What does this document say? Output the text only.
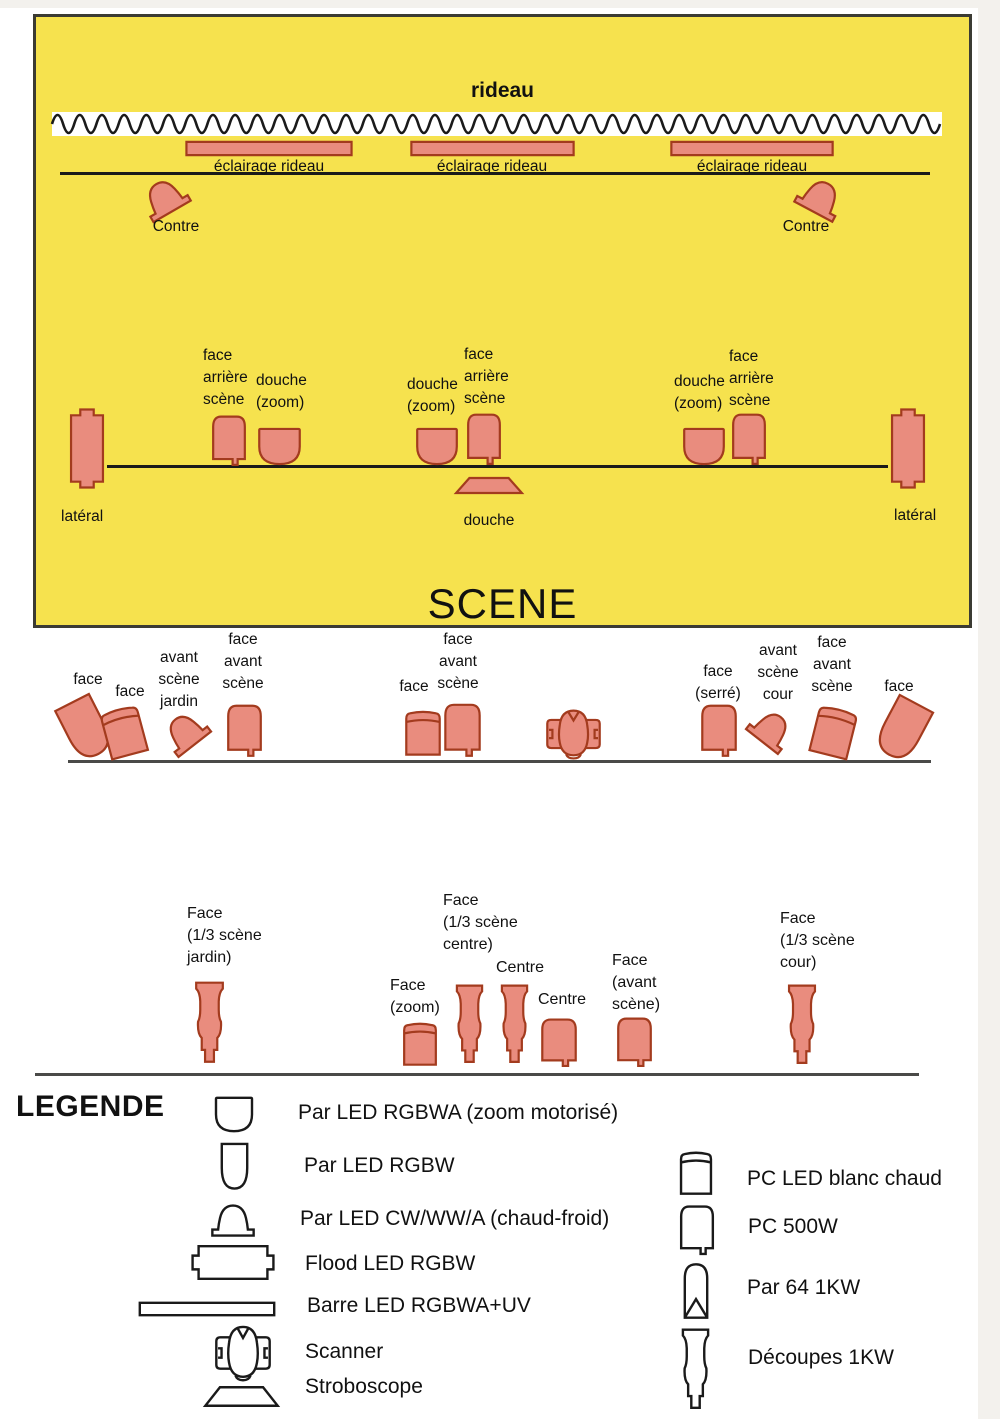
rideau
SCENE
LEGENDE
éclairage rideau	éclairage rideau	éclairage rideau
Contre	Contre
face
arrière
scène
douche
(zoom)
douche
(zoom)
face
arrière
scène
douche
(zoom)
face
arrière
scène
latéral	latéral
douche
face
face
avant
scène
jardin
face
avant
scène	face
face
avant
scène
face
(serré)
avant
scène
cour
face
avant
scène	face
Face
(1/3 scène
jardin)
Face
(zoom)
Face
(1/3 scène
centre)
Centre
Centre
Face
(avant
scène)
Face
(1/3 scène
cour)
Par LED RGBWA (zoom motorisé)
Par LED RGBW
Par LED CW/WW/A (chaud-froid)
Flood LED RGBW
Barre LED RGBWA+UV
Scanner
Stroboscope
PC LED blanc chaud
PC 500W
Par 64 1KW
Découpes 1KW
